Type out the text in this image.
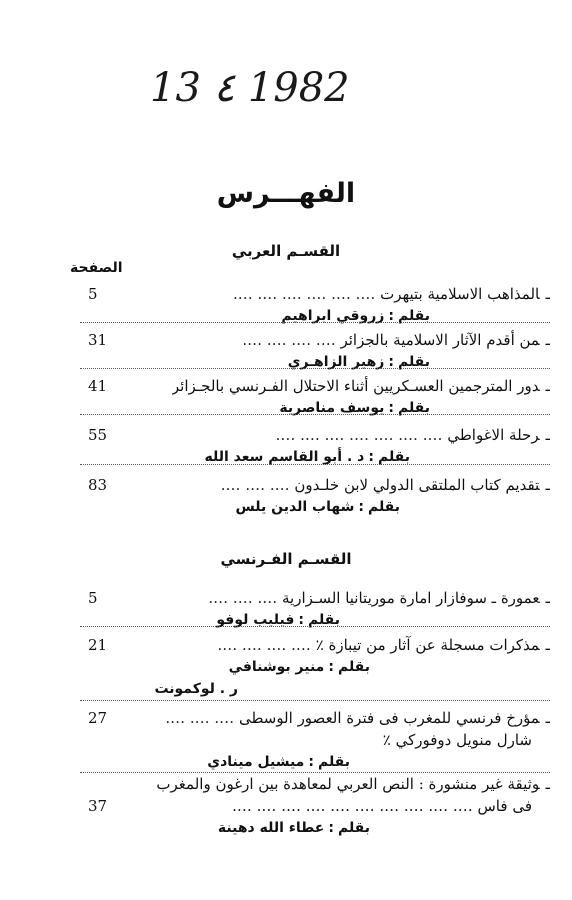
13 ٤ 1982
الفهـــرس
القسـم العربي
الصفحة
ـالمذاهب الاسلامية بتيهرت …. …. …. …. …. ….
5
بقلم:زروقي ابراهيم
ـمن أقدم الآثار الاسلامية بالجزائر …. …. …. ….
31
بقلم:زهير الزاهـري
ـدور المترجمين العسـكريين أثناء الاحتلال الفـرنسي بالجـزائر
41
بقلم:يوسف مناصرية
ـرحلة الاغواطي …. …. …. …. …. …. ….
55
بقلم:د . أبو القاسم سعد الله
ـتقديم كتاب الملتقى الدولي لابن خلـدون …. …. ….
83
بقلم:شهاب الدين يلس
القسـم الفـرنسي
ـعمورة ـ سوفازار امارة موريتانيا السـزارية …. …. ….
5
بقلم:فيليب لوفو
ـمذكرات مسجلة عن آثار من تيبازة ٪ …. …. …. ….
21
بقلم:منير بوشنافي
ر . لوكمونت
ـمؤرخ فرنسي للمغرب فى فترة العصور الوسطى …. …. ….
27
شارل منويل دوفوركي ٪
بقلم:ميشيل مينادي
ـوثيقة غير منشورة : النص العربي لمعاهدة بين ارغون والمغرب
فى فاس …. …. …. …. …. …. …. …. …. ….
37
بقلم:عطاء الله دهينة
